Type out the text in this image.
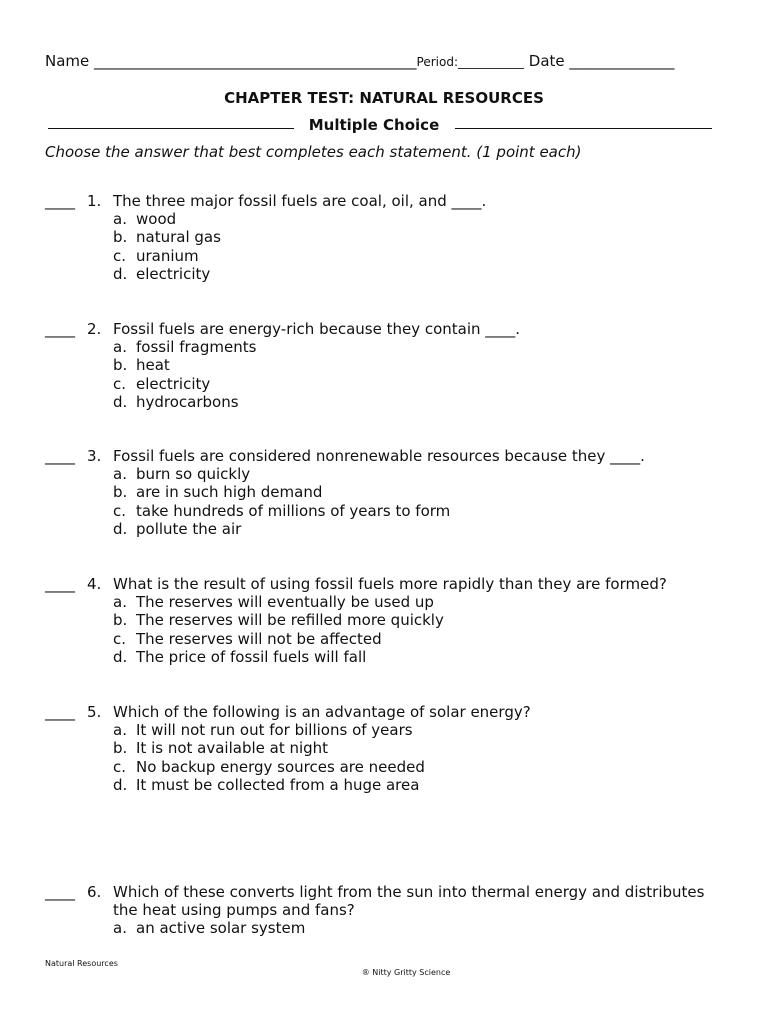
Name ___________________________________________Period:___________ Date ______________
CHAPTER TEST: NATURAL RESOURCES
Multiple Choice
Choose the answer that best completes each statement. (1 point each)
____ 1. The three major fossil fuels are coal, oil, and ____.
a. wood
b. natural gas
c. uranium
d. electricity
____ 2. Fossil fuels are energy-rich because they contain ____.
a. fossil fragments
b. heat
c. electricity
d. hydrocarbons
____ 3. Fossil fuels are considered nonrenewable resources because they ____.
a. burn so quickly
b. are in such high demand
c. take hundreds of millions of years to form
d. pollute the air
____ 4. What is the result of using fossil fuels more rapidly than they are formed?
a. The reserves will eventually be used up
b. The reserves will be refilled more quickly
c. The reserves will not be affected
d. The price of fossil fuels will fall
____ 5. Which of the following is an advantage of solar energy?
a. It will not run out for billions of years
b. It is not available at night
c. No backup energy sources are needed
d. It must be collected from a huge area
____ 6. Which of these converts light from the sun into thermal energy and distributes the heat using pumps and fans?
a. an active solar system
Natural Resources
® Nitty Gritty Science
